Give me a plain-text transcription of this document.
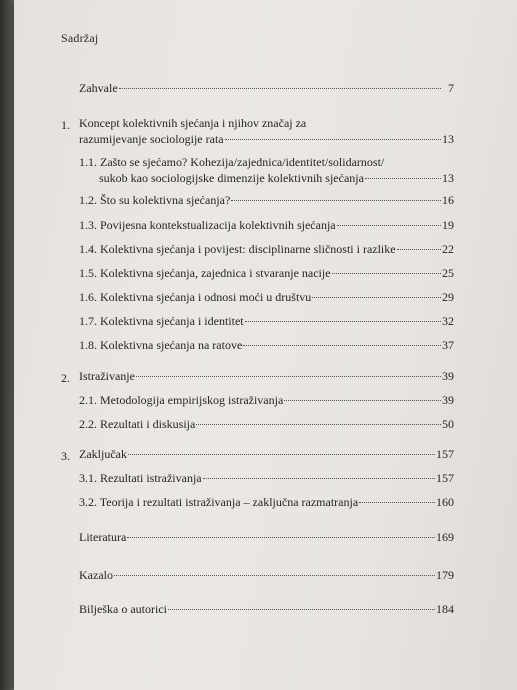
Sadržaj
Zahvale	7
1. Koncept kolektivnih sjećanja i njihov značaj za
razumijevanje sociologije rata	13
1.1. Zašto se sjećamo? Kohezija/zajednica/identitet/solidarnost/
sukob kao sociologijske dimenzije kolektivnih sjećanja	13
1.2. Što su kolektivna sjećanja?	16
1.3. Povijesna kontekstualizacija kolektivnih sjećanja	19
1.4. Kolektivna sjećanja i povijest: disciplinarne sličnosti i razlike	22
1.5. Kolektivna sjećanja, zajednica i stvaranje nacije	25
1.6. Kolektivna sjećanja i odnosi moći u društvu	29
1.7. Kolektivna sjećanja i identitet	32
1.8. Kolektivna sjećanja na ratove	37
2. Istraživanje	39
2.1. Metodologija empirijskog istraživanja	39
2.2. Rezultati i diskusija	50
3. Zaključak	157
3.1. Rezultati istraživanja	157
3.2. Teorija i rezultati istraživanja – zaključna razmatranja	160
Literatura	169
Kazalo	179
Bilješka o autorici	184
